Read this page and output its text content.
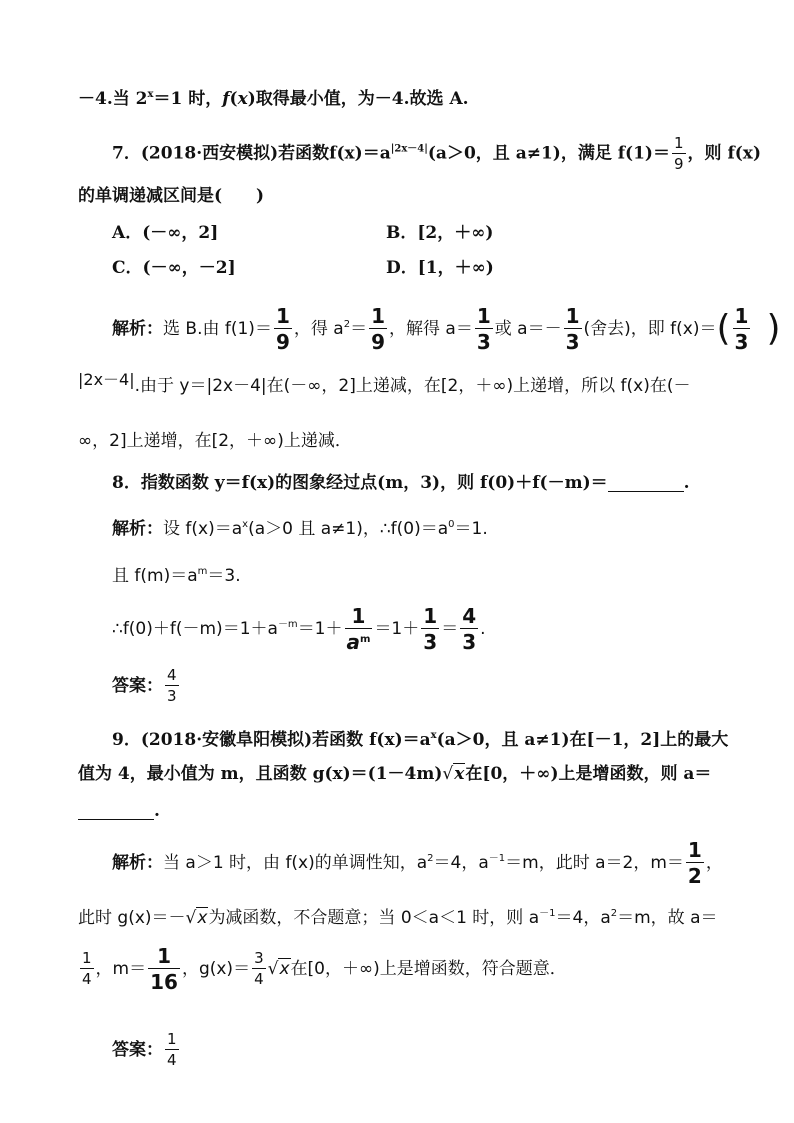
－4.当 $2^x=1$ 时，f(x)取得最小值，为－4.故选 A.
7．(2018·西安模拟)若函数$f(x)=a^{|2x-4|}(a>0$，且 a≠1)，满足 $f(1)= \frac{1}{9}$ ，则 f(x)
的单调递减区间是(　　)
A．(－∞，2]	B．[2，＋∞)
C．(－∞，－2]	D．[1，＋∞)
解析：选 B.由 $f(1)= \frac{1}{9}$ ，得 $a^2= \frac{1}{9}$ ，解得 $a= \frac{1}{3}$ 或 $a=- \frac{1}{3}$ (舍去)，即 $f(x)=( \frac{1}{3}$ )
$^{|2x-4|}$.由于 y＝|2x－4|在(－∞，2]上递减，在[2，＋∞)上递增，所以 f(x)在(－
∞，2]上递增，在[2，＋∞)上递减．
8．指数函数 y＝f(x)的图象经过点(m，3)，则 f(0)＋f(－m)＝	.
解析：设 $f(x)=a^x(a>0$ 且 a≠1)，$\therefore f(0)=a^0=1$.
且 $f(m)=a^m=3$.
$\therefore f(0)+f(-m)=1+a^{-m}=1+ \frac{1}{a^m} =1+ \frac{1}{3} = \frac{4}{3}$ .
答案： $\frac{4}{3}$
9．(2018·安徽阜阳模拟)若函数 $f(x)=a^x(a>0$，且 a≠1)在[－1，2]上的最大
值为 4，最小值为 m，且函数 g(x)＝(1－4m)√x在[0，＋∞)上是增函数，则 a＝
.
解析：当 a＞1 时，由 f(x)的单调性知，$a^2=4$，$a^{-1}=m$，此时 a＝2，$m= \frac{1}{2}$ ，
此时 g(x)＝－√x为减函数，不合题意；当 0＜a＜1 时，则 $a^{-1}=4$，$a^2=m$，故 a＝
$\frac{1}{4}$ ，$m= \frac{1}{16}$ ，$g(x)= \frac{3}{4} √x$在[0，＋∞)上是增函数，符合题意．
答案： $\frac{1}{4}$
